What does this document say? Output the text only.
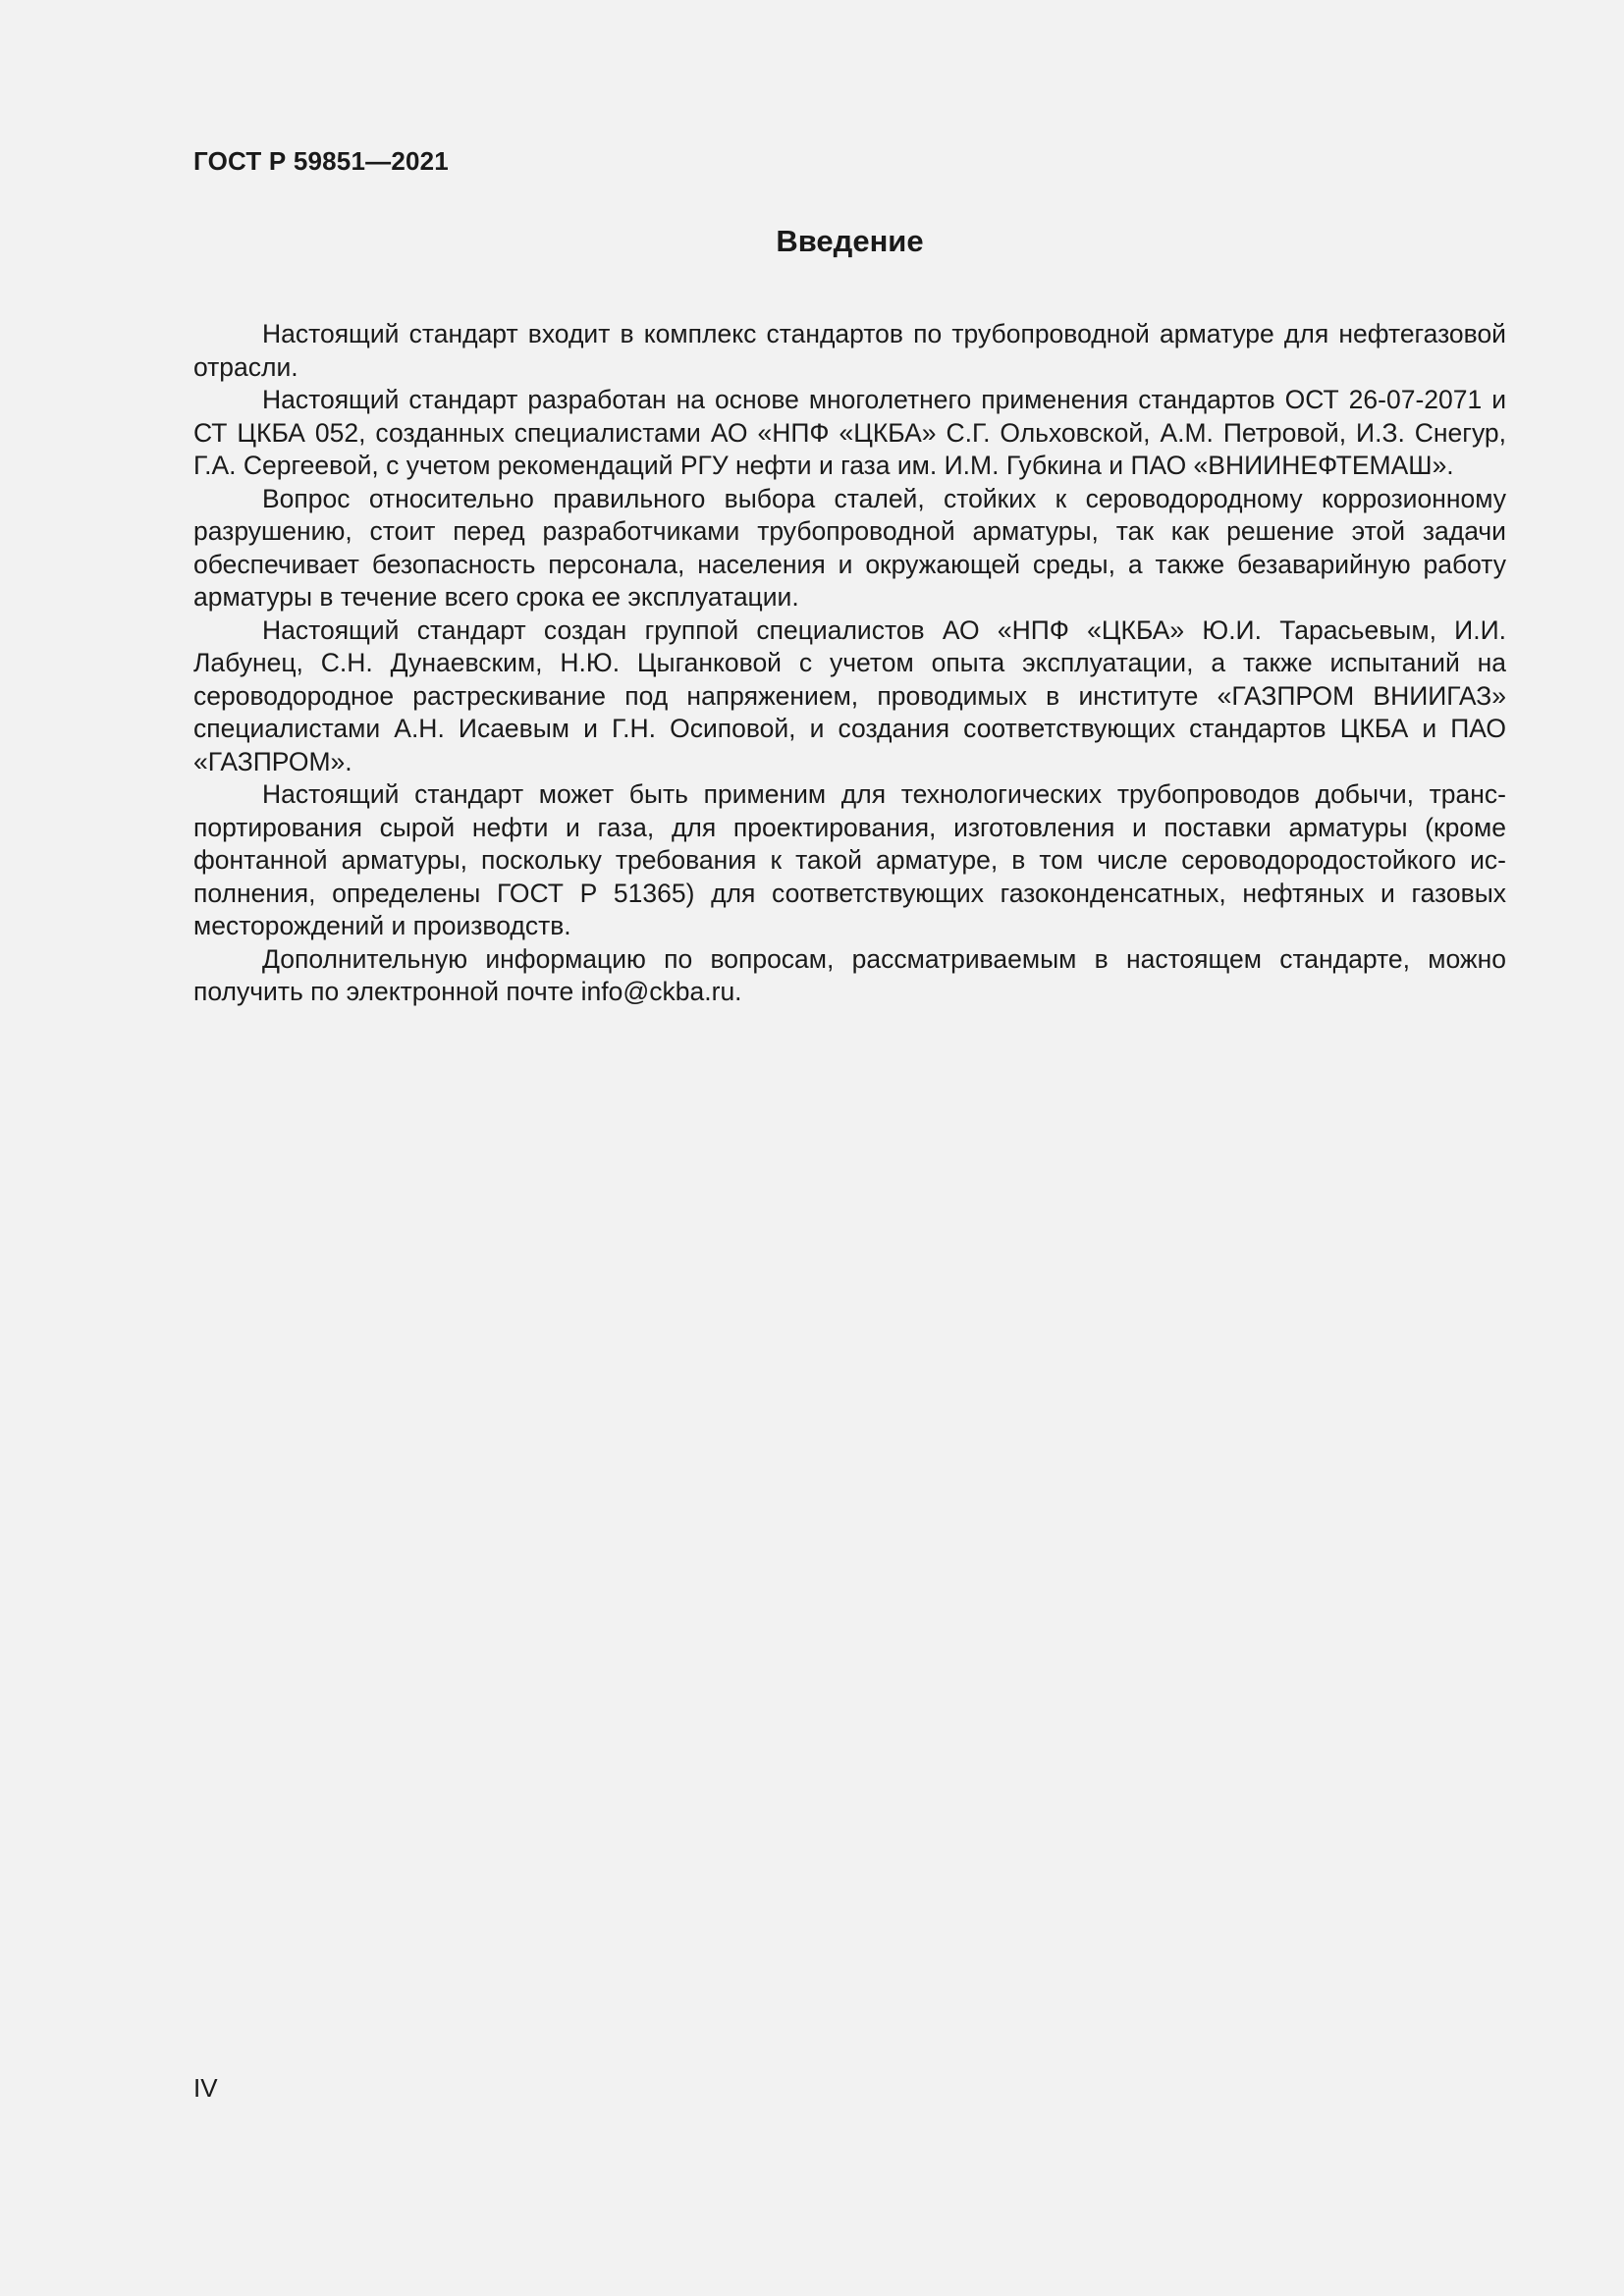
ГОСТ Р 59851—2021
Введение

Настоящий стандарт входит в комплекс стандартов по трубопроводной арматуре для нефтегазовой отрасли.

Настоящий стандарт разработан на основе многолетнего применения стандартов ОСТ 26-07-2071 и СТ ЦКБА 052, созданных специалистами АО «НПФ «ЦКБА» С.Г. Ольховской, А.М. Петровой, И.З. Снегур, Г.А. Сергеевой, с учетом рекомендаций РГУ нефти и газа им. И.М. Губкина и ПАО «ВНИИНЕФТЕМАШ».

Вопрос относительно правильного выбора сталей, стойких к сероводородному коррозионному разрушению, стоит перед разработчиками трубопроводной арматуры, так как решение этой задачи обеспечивает безопасность персонала, населения и окружающей среды, а также безаварийную работу арматуры в течение всего срока ее эксплуатации.

Настоящий стандарт создан группой специалистов АО «НПФ «ЦКБА» Ю.И. Тарасьевым, И.И. Лабунец, С.Н. Дунаевским, Н.Ю. Цыганковой с учетом опыта эксплуатации, а также испытаний на сероводородное растрескивание под напряжением, проводимых в институте «ГАЗПРОМ ВНИИГАЗ» специалистами А.Н. Исаевым и Г.Н. Осиповой, и создания соответствующих стандартов ЦКБА и ПАО «ГАЗПРОМ».

Настоящий стандарт может быть применим для технологических трубопроводов добычи, транспортирования сырой нефти и газа, для проектирования, изготовления и поставки арматуры (кроме фонтанной арматуры, поскольку требования к такой арматуре, в том числе сероводородостойкого исполнения, определены ГОСТ Р 51365) для соответствующих газоконденсатных, нефтяных и газовых месторождений и производств.

Дополнительную информацию по вопросам, рассматриваемым в настоящем стандарте, можно получить по электронной почте info@ckba.ru.

IV
